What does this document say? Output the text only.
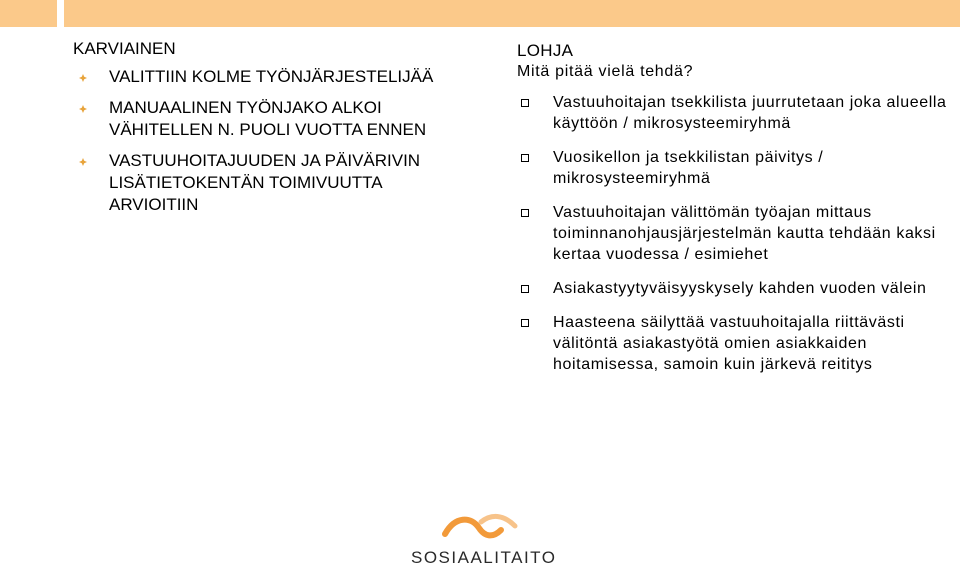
KARVIAINEN
VALITTIIN KOLME TYÖNJÄRJESTELIJÄÄ
MANUAALINEN TYÖNJAKO ALKOI VÄHITELLEN N. PUOLI VUOTTA ENNEN
VASTUUHOITAJUUDEN JA PÄIVÄRIVIN LISÄTIETOKENTÄN TOIMIVUUTTA ARVIOITIIN
LOHJA
Mitä pitää vielä tehdä?
Vastuuhoitajan tsekkilista juurrutetaan joka alueella käyttöön / mikrosysteemiryhmä
Vuosikellon ja tsekkilistan päivitys / mikrosysteemiryhmä
Vastuuhoitajan välittömän työajan mittaus toiminnanohjausjärjestelmän kautta tehdään kaksi kertaa vuodessa / esimiehet
Asiakastyytyväisyyskysely kahden vuoden välein
Haasteena säilyttää vastuuhoitajalla riittävästi välitöntä asiakastyötä omien asiakkaiden hoitamisessa, samoin kuin järkevä reititys
SOSIAALITAITO
